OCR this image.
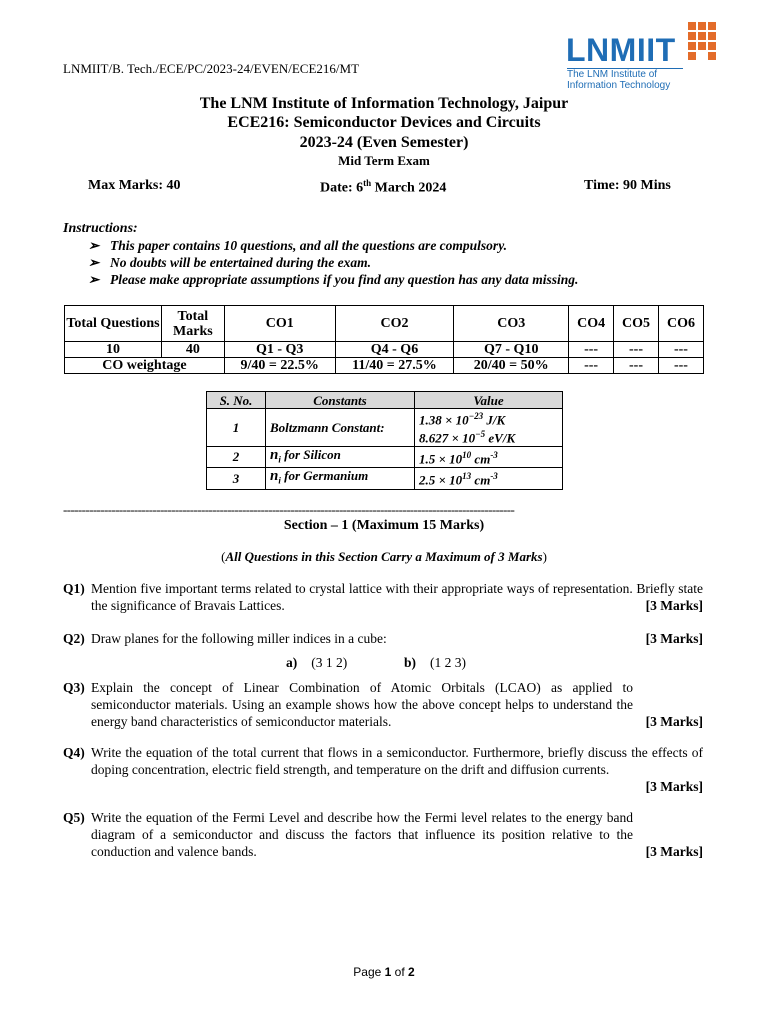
LNMIIT/B. Tech./ECE/PC/2023-24/EVEN/ECE216/MT
LNMIIT
The LNM Institute of
Information Technology
The LNM Institute of Information Technology, Jaipur
ECE216: Semiconductor Devices and Circuits
2023-24 (Even Semester)
Mid Term Exam
Max Marks: 40	Date: 6th March 2024	Time: 90 Mins
Instructions:
➢ This paper contains 10 questions, and all the questions are compulsory.
➢ No doubts will be entertained during the exam.
➢ Please make appropriate assumptions if you find any question has any data missing.
Total Questions	Total Marks	CO1	CO2	CO3	CO4	CO5	CO6
10	40	Q1 - Q3	Q4 - Q6	Q7 - Q10	---	---	---
CO weightage		9/40 = 22.5%	11/40 = 27.5%	20/40 = 50%	---	---	---
S. No.	Constants	Value
1	Boltzmann Constant:	$1.38 \times 10^{-23}$ J/K
$8.627 \times 10^{-5}$ eV/K

2	$n_i$ for Silicon	$1.5 \times 10^{10}$ $cm^{-3}$
3	$n_i$ for Germanium	$2.5 \times 10^{13}$ $cm^{-3}$
-------------------------------------------------------------------------------------------------------------------------
Section – 1 (Maximum 15 Marks)
(All Questions in this Section Carry a Maximum of 3 Marks)
Q1) Mention five important terms related to crystal lattice with their appropriate ways of representation. Briefly state the significance of Bravais Lattices.	[3 Marks]
Q2) Draw planes for the following miller indices in a cube:	[3 Marks]
a) (3 1 2)	b) (1 2 3)
Q3) Explain the concept of Linear Combination of Atomic Orbitals (LCAO) as applied to semiconductor materials. Using an example shows how the above concept helps to understand the energy band characteristics of semiconductor materials.	[3 Marks]
Q4) Write the equation of the total current that flows in a semiconductor. Furthermore, briefly discuss the effects of doping concentration, electric field strength, and temperature on the drift and diffusion currents.
[3 Marks]
Q5) Write the equation of the Fermi Level and describe how the Fermi level relates to the energy band diagram of a semiconductor and discuss the factors that influence its position relative to the conduction and valence bands.	[3 Marks]
Page 1 of 2
